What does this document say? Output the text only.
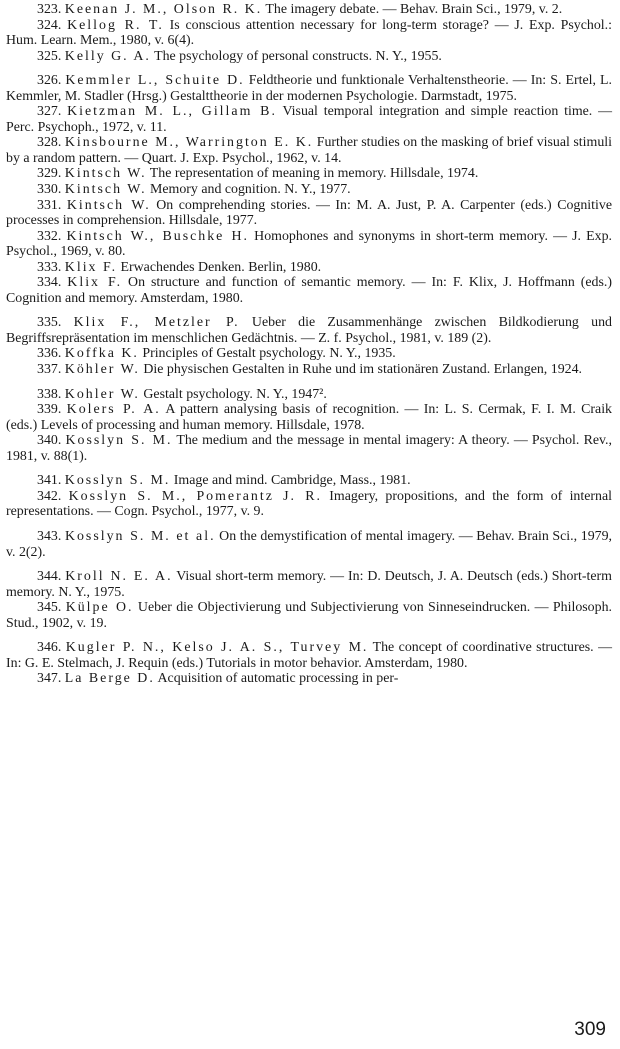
323. Keenan J. M., Olson R. K. The imagery debate. — Behav. Brain Sci., 1979, v. 2.

324. Kellog R. T. Is conscious attention necessary for long-term storage? — J. Exp. Psychol.: Hum. Learn. Mem., 1980, v. 6(4).

325. Kelly G. A. The psychology of personal constructs. N. Y., 1955.

326. Kemmler L., Schuite D. Feldtheorie und funktionale Verhaltenstheorie. — In: S. Ertel, L. Kemmler, M. Stadler (Hrsg.) Gestalttheorie in der modernen Psychologie. Darmstadt, 1975.

327. Kietzman M. L., Gillam B. Visual temporal integration and simple reaction time. — Perc. Psychoph., 1972, v. 11.

328. Kinsbourne M., Warrington E. K. Further studies on the masking of brief visual stimuli by a random pattern. — Quart. J. Exp. Psychol., 1962, v. 14.

329. Kintsch W. The representation of meaning in memory. Hillsdale, 1974.

330. Kintsch W. Memory and cognition. N. Y., 1977.

331. Kintsch W. On comprehending stories. — In: M. A. Just, P. A. Carpenter (eds.) Cognitive processes in comprehension. Hillsdale, 1977.

332. Kintsch W., Buschke H. Homophones and synonyms in short-term memory. — J. Exp. Psychol., 1969, v. 80.

333. Klix F. Erwachendes Denken. Berlin, 1980.

334. Klix F. On structure and function of semantic memory. — In: F. Klix, J. Hoffmann (eds.) Cognition and memory. Amsterdam, 1980.

335. Klix F., Metzler P. Ueber die Zusammenhänge zwischen Bildkodierung und Begriffsrepräsentation im menschlichen Gedächtnis. — Z. f. Psychol., 1981, v. 189 (2).

336. Koffka K. Principles of Gestalt psychology. N. Y., 1935.

337. Köhler W. Die physischen Gestalten in Ruhe und im stationären Zustand. Erlangen, 1924.

338. Kohler W. Gestalt psychology. N. Y., 1947².

339. Kolers P. A. A pattern analysing basis of recognition. — In: L. S. Cermak, F. I. M. Craik (eds.) Levels of processing and human memory. Hillsdale, 1978.

340. Kosslyn S. M. The medium and the message in mental imagery: A theory. — Psychol. Rev., 1981, v. 88(1).

341. Kosslyn S. M. Image and mind. Cambridge, Mass., 1981.

342. Kosslyn S. M., Pomerantz J. R. Imagery, propositions, and the form of internal representations. — Cogn. Psychol., 1977, v. 9.

343. Kosslyn S. M. et al. On the demystification of mental imagery. — Behav. Brain Sci., 1979, v. 2(2).

344. Kroll N. E. A. Visual short-term memory. — In: D. Deutsch, J. A. Deutsch (eds.) Short-term memory. N. Y., 1975.

345. Külpe O. Ueber die Objectivierung und Subjectivierung von Sinneseindrucken. — Philosoph. Stud., 1902, v. 19.

346. Kugler P. N., Kelso J. A. S., Turvey M. The concept of coordinative structures. — In: G. E. Stelmach, J. Requin (eds.) Tutorials in motor behavior. Amsterdam, 1980.

347. La Berge D. Acquisition of automatic processing in per-

309
